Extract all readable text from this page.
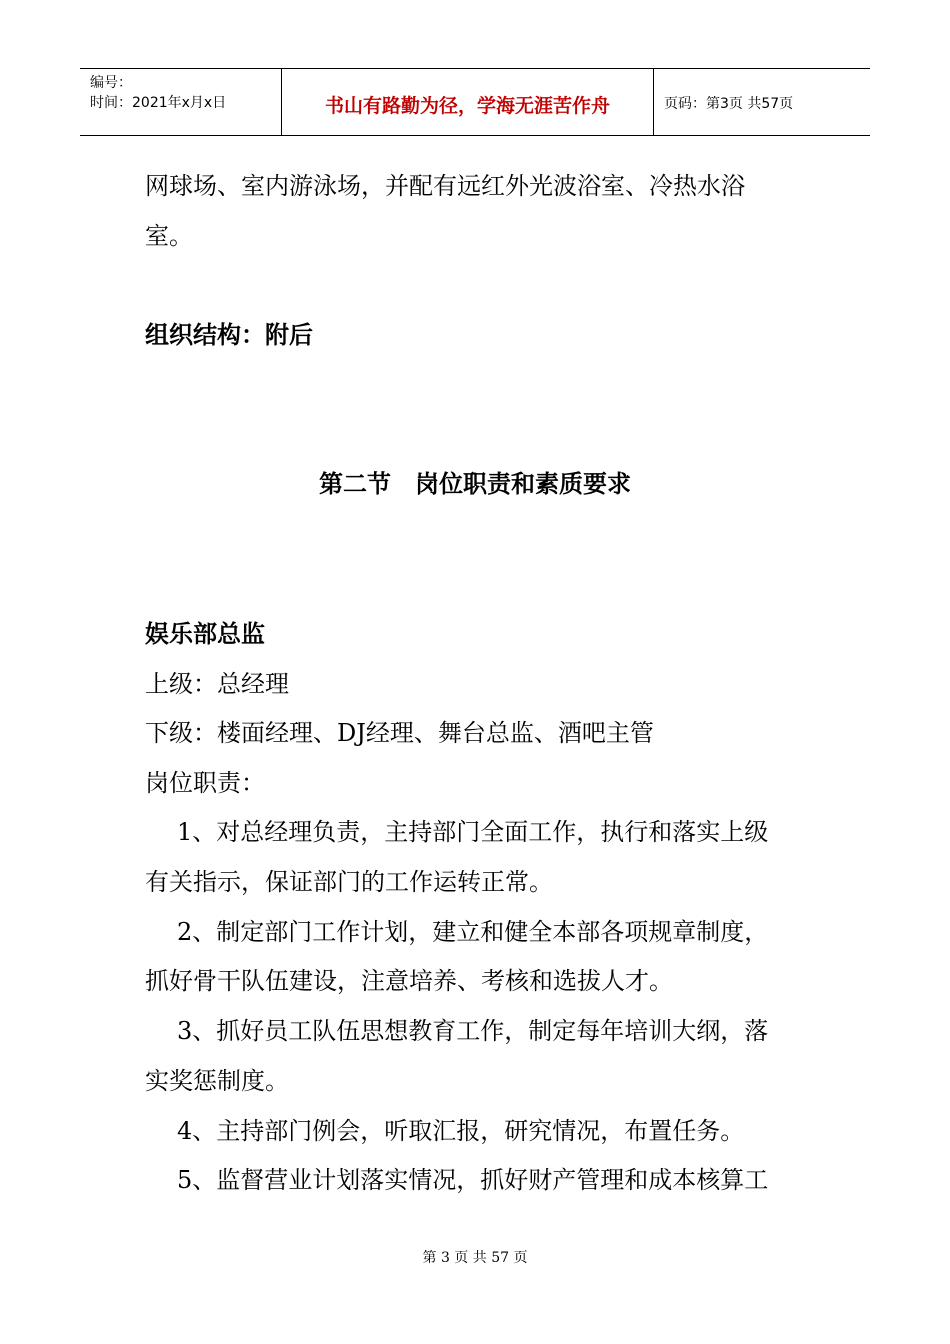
编号：
时间：2021年x月x日	书山有路勤为径，学海无涯苦作舟	页码：第3页 共57页
网球场、室内游泳场，并配有远红外光波浴室、冷热水浴
室。
组织结构：附后
第二节 岗位职责和素质要求
娱乐部总监
上级：总经理
下级：楼面经理、DJ经理、舞台总监、酒吧主管
岗位职责：
1、对总经理负责，主持部门全面工作，执行和落实上级
有关指示，保证部门的工作运转正常。
2、制定部门工作计划，建立和健全本部各项规章制度，
抓好骨干队伍建设，注意培养、考核和选拔人才。
3、抓好员工队伍思想教育工作，制定每年培训大纲，落
实奖惩制度。
4、主持部门例会，听取汇报，研究情况，布置任务。
5、监督营业计划落实情况，抓好财产管理和成本核算工
第 3 页 共 57 页
